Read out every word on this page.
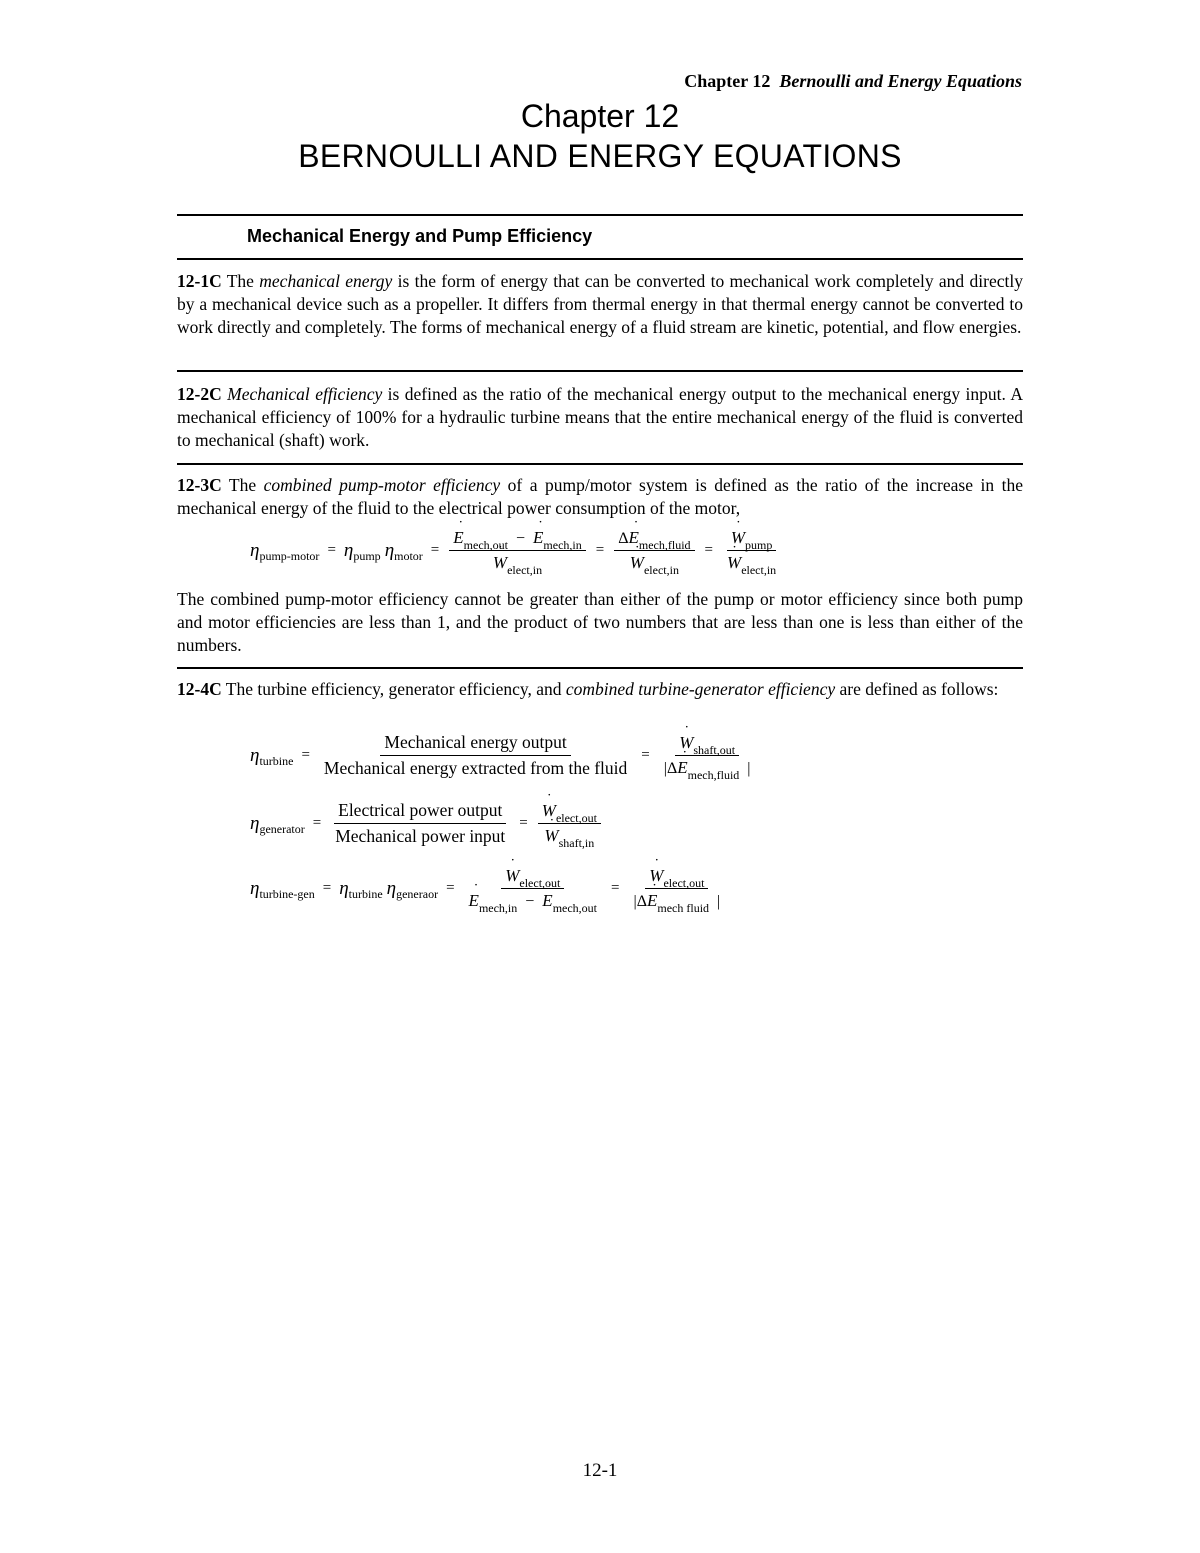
Chapter 12 Bernoulli and Energy Equations
Chapter 12
BERNOULLI AND ENERGY EQUATIONS
Mechanical Energy and Pump Efficiency
12-1C The mechanical energy is the form of energy that can be converted to mechanical work completely and directly by a mechanical device such as a propeller. It differs from thermal energy in that thermal energy cannot be converted to work directly and completely. The forms of mechanical energy of a fluid stream are kinetic, potential, and flow energies.
12-2C Mechanical efficiency is defined as the ratio of the mechanical energy output to the mechanical energy input. A mechanical efficiency of 100% for a hydraulic turbine means that the entire mechanical energy of the fluid is converted to mechanical (shaft) work.
12-3C The combined pump-motor efficiency of a pump/motor system is defined as the ratio of the increase in the mechanical energy of the fluid to the electrical power consumption of the motor,
η pump-motor = η pump η motor = ˙ $E_{mech,out}$ − ˙ $E_{mech,in}$
˙ $W_{elect,in}$ = Δ˙ $E_{mech,fluid}$
˙ $W_{elect,in}$ = ˙ $W_{pump}$
˙ $W_{elect,in}$
The combined pump-motor efficiency cannot be greater than either of the pump or motor efficiency since both pump and motor efficiencies are less than 1, and the product of two numbers that are less than one is less than either of the numbers.
12-4C The turbine efficiency, generator efficiency, and combined turbine-generator efficiency are defined as follows:
η turbine = $\frac{\text{Mechanical energy output}}{\text{Mechanical energy extracted from the fluid}}$ = ˙ $\frac{W_{shaft,out}}{|\Delta˙ E_{mech,fluid} |}$
η generator = $\frac{\text{Electrical power output}}{\text{Mechanical power input}}$ = ˙ $W_{elect,out}$
˙ $W_{shaft,in}$
η turbine-gen = η turbine η generaor = ˙ $W_{elect,out}$
˙ $E_{mech,in}$ − ˙ $E_{mech,out}$ = ˙ $\frac{W_{elect,out}}{|\Delta˙ E_{mech fluid} |}$
12-1
